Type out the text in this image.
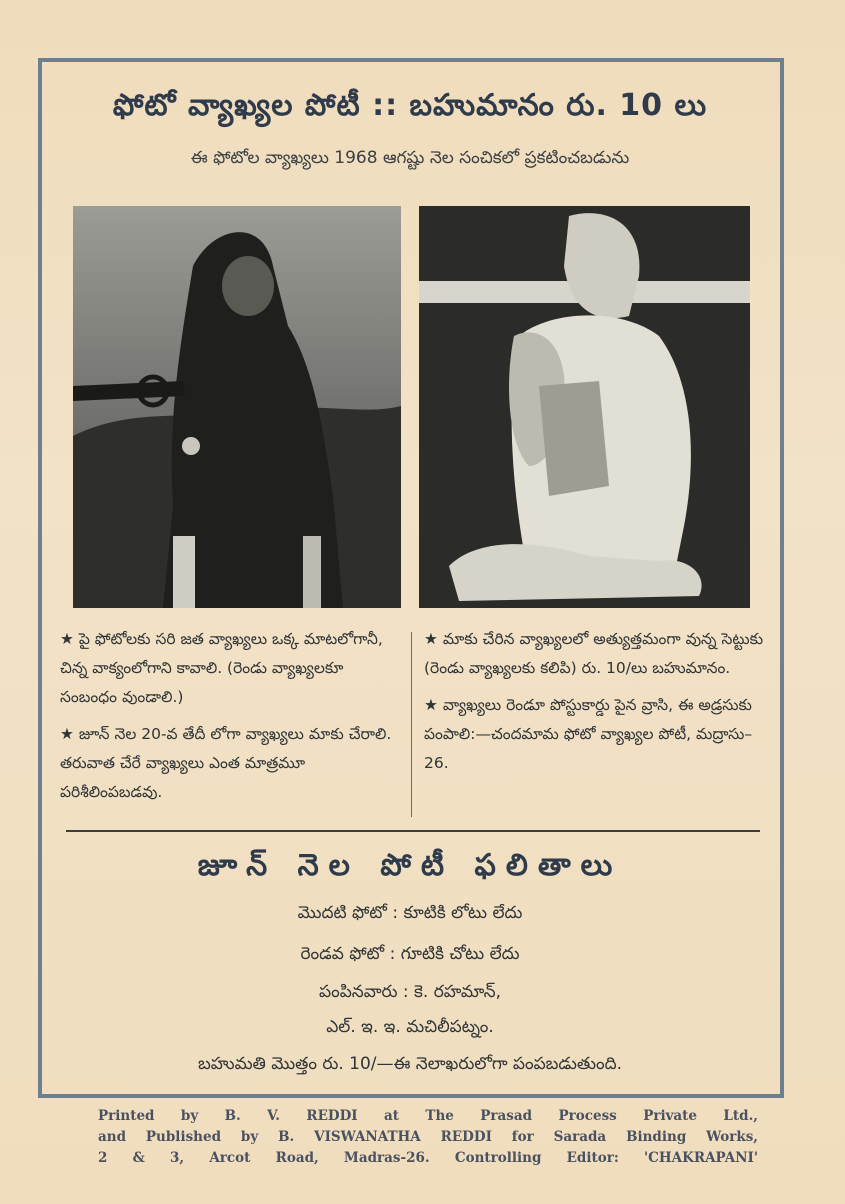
ఫోటో వ్యాఖ్యల పోటీ :: బహుమానం రు. 10 లు
ఈ ఫోటోల వ్యాఖ్యలు 1968 ఆగష్టు నెల సంచికలో ప్రకటించబడును

★ పై ఫోటోలకు సరి జత వ్యాఖ్యలు ఒక్క మాటలోగానీ, చిన్న వాక్యంలోగాని కావాలి. (రెండు వ్యాఖ్యలకూ సంబంధం వుండాలి.)

★ జూన్ నెల 20-వ తేదీ లోగా వ్యాఖ్యలు మాకు చేరాలి. తరువాత చేరే వ్యాఖ్యలు ఎంత మాత్రమూ పరిశీలింపబడవు.

★ మాకు చేరిన వ్యాఖ్యలలో అత్యుత్తమంగా వున్న సెట్టుకు (రెండు వ్యాఖ్యలకు కలిపి) రు. 10/లు బహుమానం.

★ వ్యాఖ్యలు రెండూ పోస్టుకార్డు పైన వ్రాసి, ఈ అడ్రసుకు పంపాలి:—చందమామ ఫోటో వ్యాఖ్యల పోటీ, మద్రాసు–26.

జూన్ నెల పోటీ ఫలితాలు
మొదటి ఫోటో : కూటికి లోటు లేదు
రెండవ ఫోటో : గూటికి చోటు లేదు
పంపినవారు : కె. రహమాన్,
ఎల్. ఇ. ఇ. మచిలీపట్నం.
బహుమతి మొత్తం రు. 10/—ఈ నెలాఖరులోగా పంపబడుతుంది.
Printed by B. V. REDDI at The Prasad Process Private Ltd.,
and Published by B. VISWANATHA REDDI for Sarada Binding Works,
2 & 3, Arcot Road, Madras-26. Controlling Editor: 'CHAKRAPANI'
